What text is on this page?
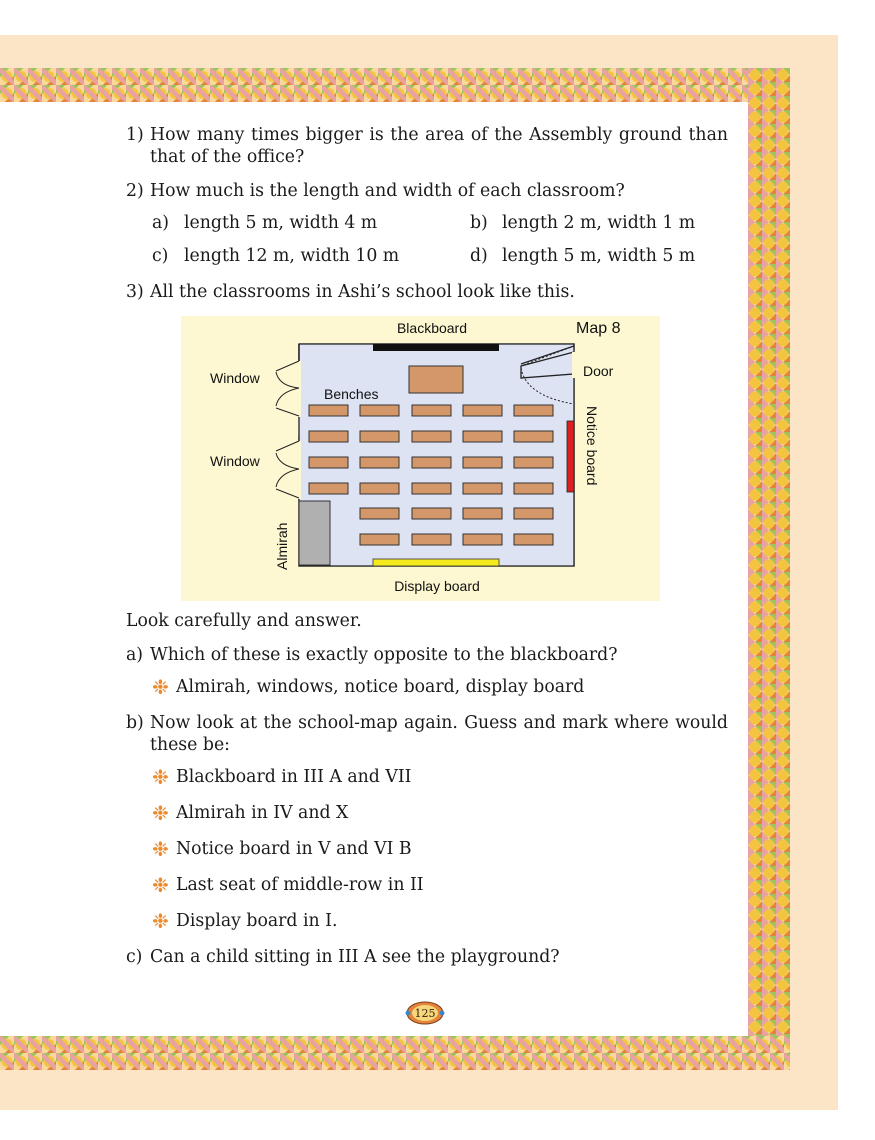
1) How many times bigger is the area of the Assembly ground than that of the office?
2) How much is the length and width of each classroom?
a) length 5 m, width 4 m	b) length 2 m, width 1 m
c) length 12 m, width 10 m	d) length 5 m, width 5 m
3) All the classrooms in Ashi’s school look like this.
Map 8
Blackboard
Benches
Window
Window
Door
Notice board
Almirah
Display board
Look carefully and answer.
a) Which of these is exactly opposite to the blackboard?
❉ Almirah, windows, notice board, display board
b) Now look at the school-map again. Guess and mark where would these be:
❉ Blackboard in III A and VII
❉ Almirah in IV and X
❉ Notice board in V and VI B
❉ Last seat of middle-row in II
❉ Display board in I.
c) Can a child sitting in III A see the playground?
125
